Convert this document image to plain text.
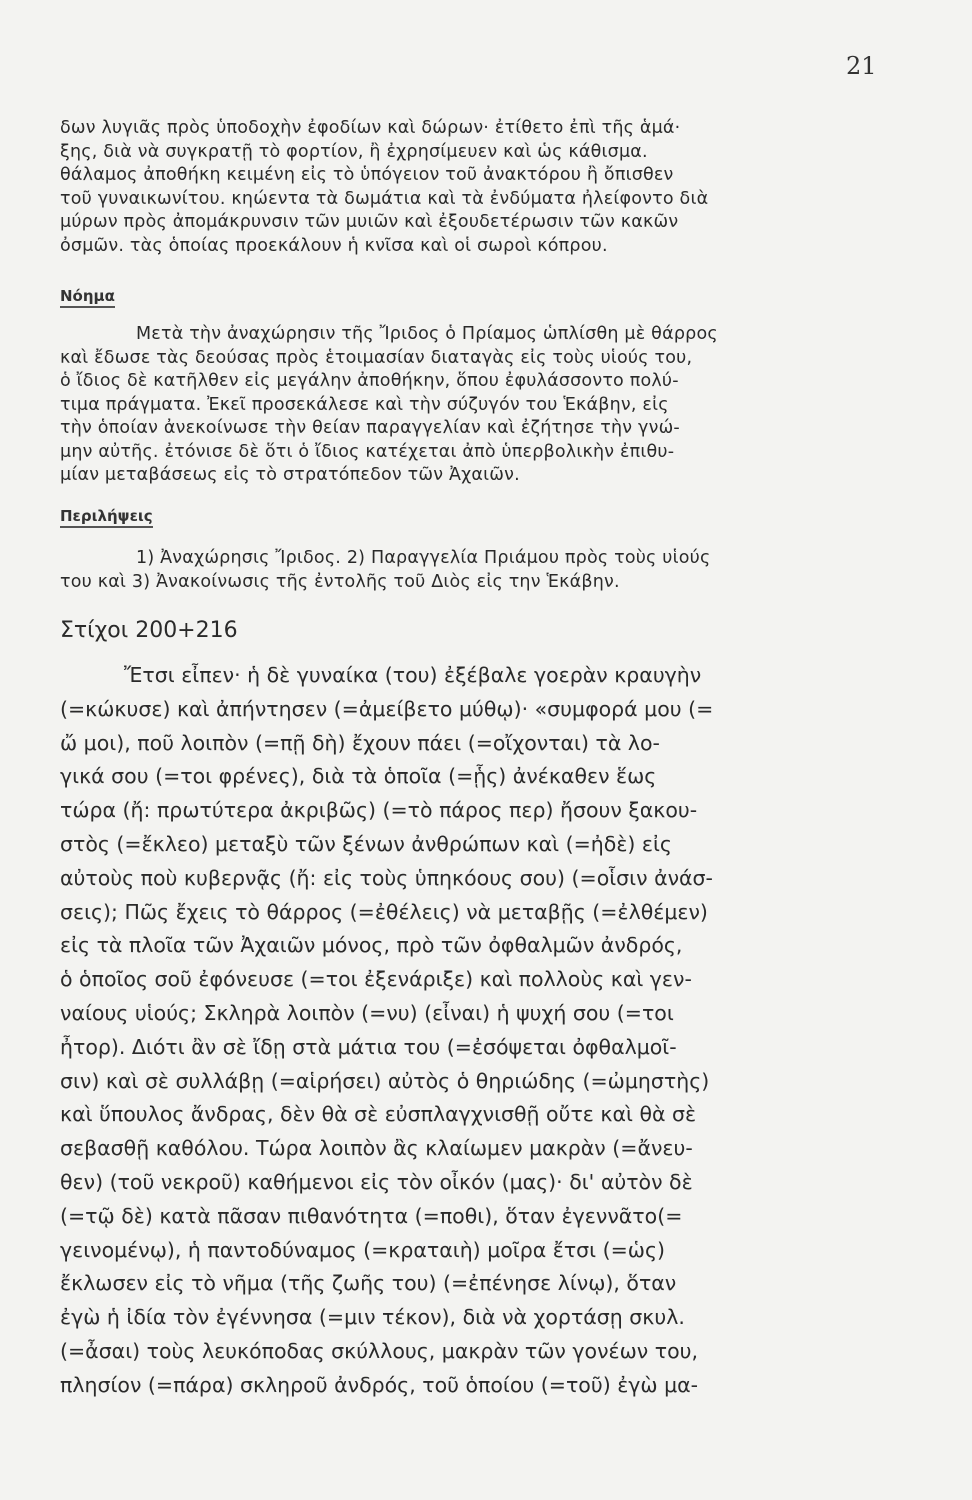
21
δων λυγιᾶς πρὸς ὑποδοχὴν ἐφοδίων καὶ δώρων· ἐτίθετο ἐπὶ τῆς ἁμά·
ξης, διὰ νὰ συγκρατῇ τὸ φορτίον, ἢ ἐχρησίμευεν καὶ ὡς κάθισμα.
θάλαμος ἀποθήκη κειμένη εἰς τὸ ὑπόγειον τοῦ ἀνακτόρου ἢ ὄπισθεν
τοῦ γυναικωνίτου. κηώεντα τὰ δωμάτια καὶ τὰ ἐνδύματα ἠλείφοντο διὰ
μύρων πρὸς ἀπομάκρυνσιν τῶν μυιῶν καὶ ἐξουδετέρωσιν τῶν κακῶν
ὀσμῶν. τὰς ὁποίας προεκάλουν ἡ κνῖσα καὶ οἱ σωροὶ κόπρου.
Νόημα
Μετὰ τὴν ἀναχώρησιν τῆς Ἴριδος ὁ Πρίαμος ὡπλίσθη μὲ θάρρος
καὶ ἔδωσε τὰς δεούσας πρὸς ἑτοιμασίαν διαταγὰς εἰς τοὺς υἱούς του,
ὁ ἴδιος δὲ κατῆλθεν εἰς μεγάλην ἀποθήκην, ὅπου ἐφυλάσσοντο πολύ-
τιμα πράγματα. Ἐκεῖ προσεκάλεσε καὶ τὴν σύζυγόν του Ἑκάβην, εἰς
τὴν ὁποίαν ἀνεκοίνωσε τὴν θείαν παραγγελίαν καὶ ἐζήτησε τὴν γνώ-
μην αὐτῆς. ἐτόνισε δὲ ὅτι ὁ ἴδιος κατέχεται ἀπὸ ὑπερβολικὴν ἐπιθυ-
μίαν μεταβάσεως εἰς τὸ στρατόπεδον τῶν Ἀχαιῶν.
Περιλήψεις
1) Ἀναχώρησις Ἴριδος. 2) Παραγγελία Πριάμου πρὸς τοὺς υἱούς
του καὶ 3) Ἀνακοίνωσις τῆς ἐντολῆς τοῦ Διὸς εἰς την Ἑκάβην.
Στίχοι 200+216
Ἔτσι εἶπεν· ἡ δὲ γυναίκα (του) ἐξέβαλε γοερὰν κραυγὴν
(=κώκυσε) καὶ ἀπήντησεν (=ἀμείβετο μύθῳ)· «συμφορά μου (=
ὤ μοι), ποῦ λοιπὸν (=πῇ δὴ) ἔχουν πάει (=οἴχονται) τὰ λο-
γικά σου (=τοι φρένες), διὰ τὰ ὁποῖα (=ᾗς) ἀνέκαθεν ἕως
τώρα (ἤ: πρωτύτερα ἀκριβῶς) (=τὸ πάρος περ) ἤσουν ξακου-
στὸς (=ἔκλεο) μεταξὺ τῶν ξένων ἀνθρώπων καὶ (=ἠδὲ) εἰς
αὐτοὺς ποὺ κυβερνᾷς (ἤ: εἰς τοὺς ὑπηκόους σου) (=οἷσιν ἀνάσ-
σεις); Πῶς ἔχεις τὸ θάρρος (=ἐθέλεις) νὰ μεταβῇς (=ἐλθέμεν)
εἰς τὰ πλοῖα τῶν Ἀχαιῶν μόνος, πρὸ τῶν ὀφθαλμῶν ἀνδρός,
ὁ ὁποῖος σοῦ ἐφόνευσε (=τοι ἐξενάριξε) καὶ πολλοὺς καὶ γεν-
ναίους υἱούς; Σκληρὰ λοιπὸν (=νυ) (εἶναι) ἡ ψυχή σου (=τοι
ἦτορ). Διότι ἂν σὲ ἴδῃ στὰ μάτια του (=ἐσόψεται ὀφθαλμοῖ-
σιν) καὶ σὲ συλλάβῃ (=αἱρήσει) αὐτὸς ὁ θηριώδης (=ὠμηστὴς)
καὶ ὕπουλος ἄνδρας, δὲν θὰ σὲ εὐσπλαγχνισθῇ οὔτε καὶ θὰ σὲ
σεβασθῇ καθόλου. Τώρα λοιπὸν ἂς κλαίωμεν μακρὰν (=ἄνευ-
θεν) (τοῦ νεκροῦ) καθήμενοι εἰς τὸν οἶκόν (μας)· δι' αὐτὸν δὲ
(=τῷ δὲ) κατὰ πᾶσαν πιθανότητα (=ποθι), ὅταν ἐγεννᾶτο(=
γεινομένῳ), ἡ παντοδύναμος (=κραταιὴ) μοῖρα ἔτσι (=ὡς)
ἔκλωσεν εἰς τὸ νῆμα (τῆς ζωῆς του) (=ἐπένησε λίνῳ), ὅταν
ἐγὼ ἡ ἰδία τὸν ἐγέννησα (=μιν τέκον), διὰ νὰ χορτάσῃ σκυλ.
(=ἆσαι) τοὺς λευκόποδας σκύλλους, μακρὰν τῶν γονέων του,
πλησίον (=πάρα) σκληροῦ ἀνδρός, τοῦ ὁποίου (=τοῦ) ἐγὼ μα-
